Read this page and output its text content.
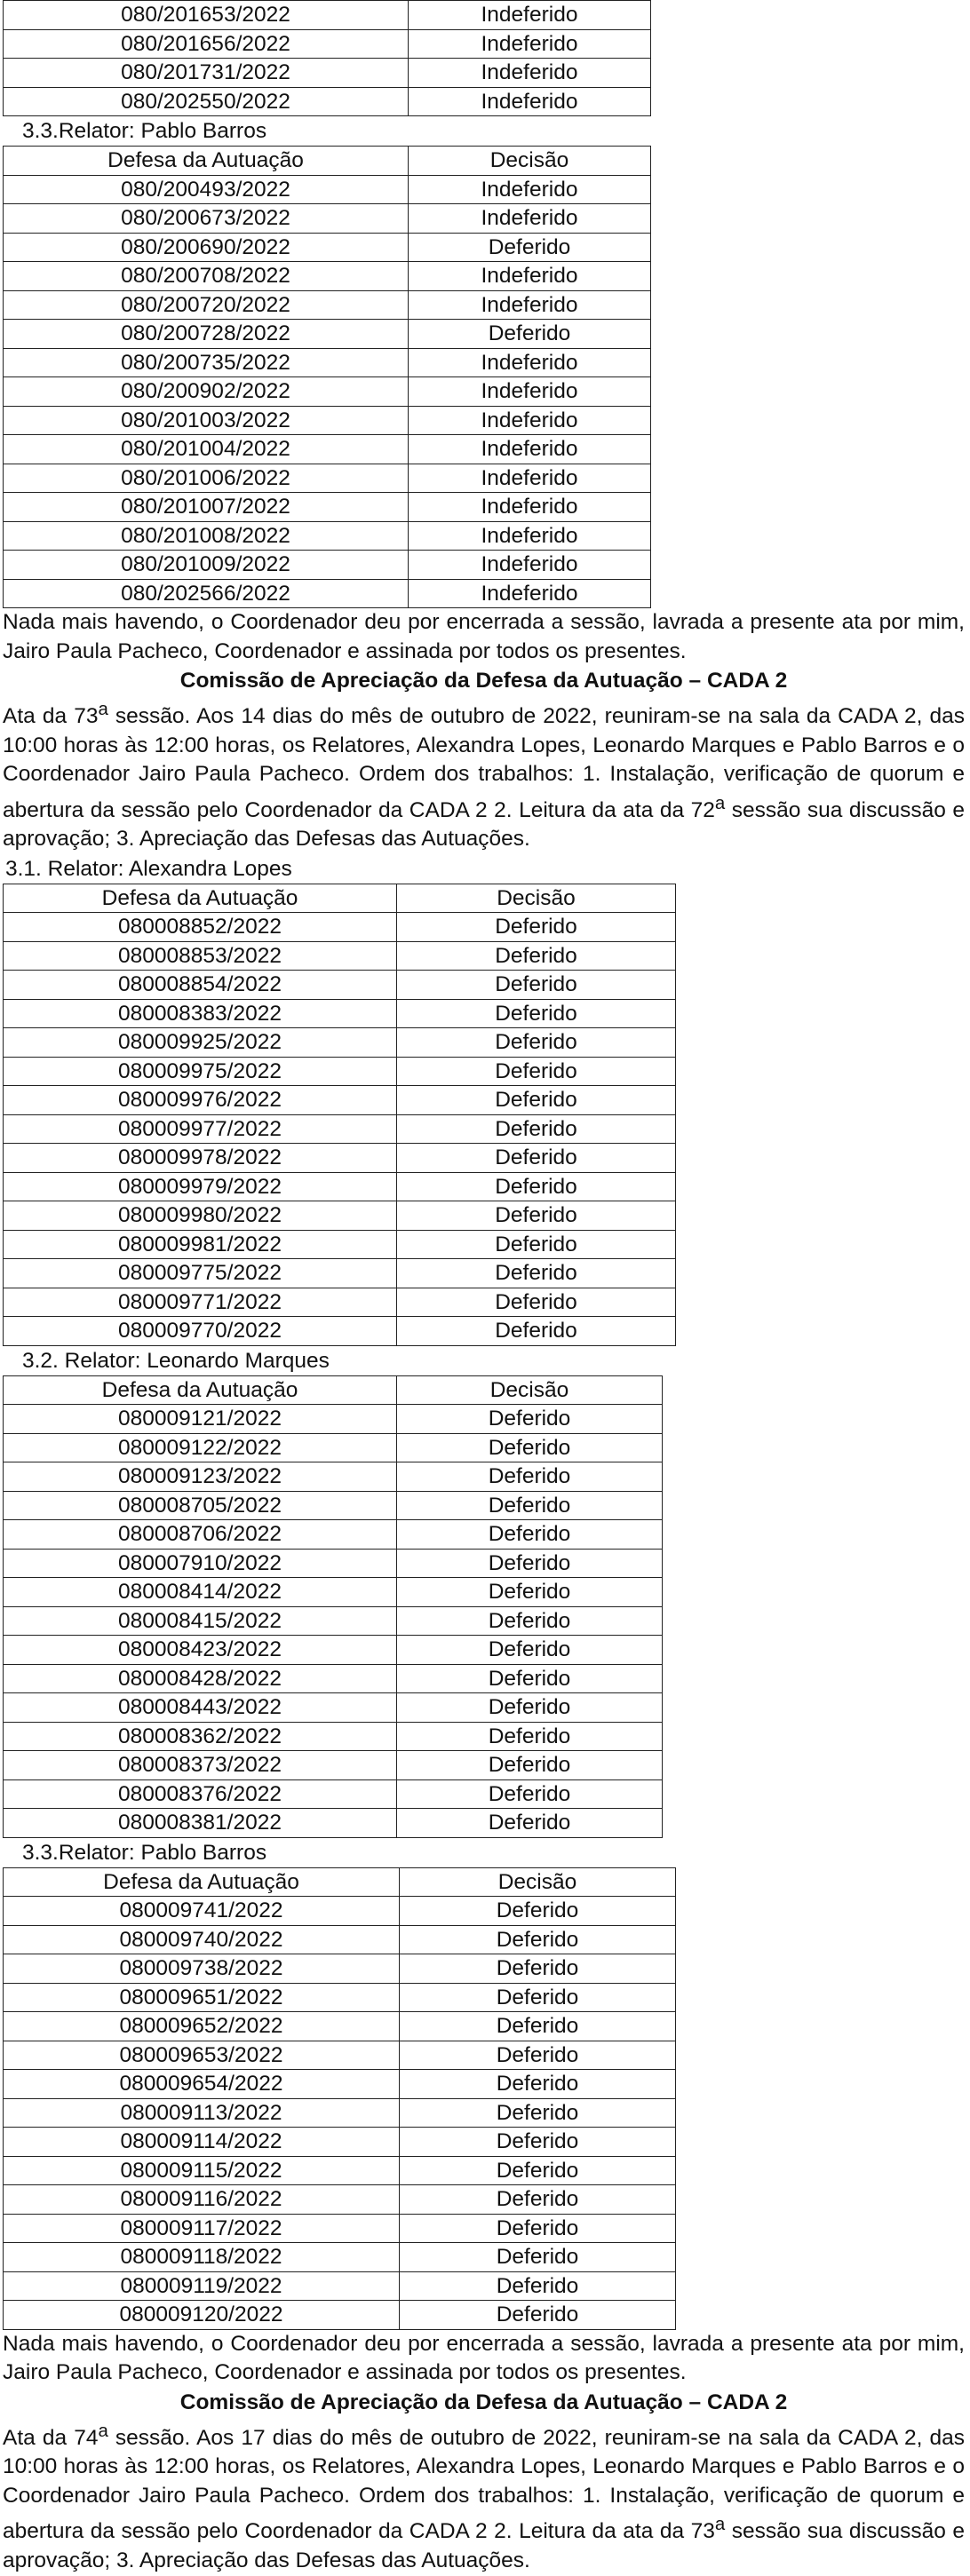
080/201653/2022	Indeferido
080/201656/2022	Indeferido
080/201731/2022	Indeferido
080/202550/2022	Indeferido

3.3.Relator: Pablo Barros

Defesa da Autuação	Decisão
080/200493/2022	Indeferido
080/200673/2022	Indeferido
080/200690/2022	Deferido
080/200708/2022	Indeferido
080/200720/2022	Indeferido
080/200728/2022	Deferido
080/200735/2022	Indeferido
080/200902/2022	Indeferido
080/201003/2022	Indeferido
080/201004/2022	Indeferido
080/201006/2022	Indeferido
080/201007/2022	Indeferido
080/201008/2022	Indeferido
080/201009/2022	Indeferido
080/202566/2022	Indeferido

Nada mais havendo, o Coordenador deu por encerrada a sessão, lavrada a presente ata por mim, Jairo Paula Pacheco, Coordenador e assinada por todos os presentes.

Comissão de Apreciação da Defesa da Autuação – CADA 2

Ata da 73$^a$ sessão. Aos 14 dias do mês de outubro de 2022, reuniram-se na sala da CADA 2, das 10:00 horas às 12:00 horas, os Relatores, Alexandra Lopes, Leonardo Marques e Pablo Barros e o Coordenador Jairo Paula Pacheco. Ordem dos trabalhos: 1. Instalação, verificação de quorum e abertura da sessão pelo Coordenador da CADA 2 2. Leitura da ata da 72$^a$ sessão sua discussão e aprovação; 3. Apreciação das Defesas das Autuações.

3.1. Relator: Alexandra Lopes

Defesa da Autuação	Decisão
080008852/2022	Deferido
080008853/2022	Deferido
080008854/2022	Deferido
080008383/2022	Deferido
080009925/2022	Deferido
080009975/2022	Deferido
080009976/2022	Deferido
080009977/2022	Deferido
080009978/2022	Deferido
080009979/2022	Deferido
080009980/2022	Deferido
080009981/2022	Deferido
080009775/2022	Deferido
080009771/2022	Deferido
080009770/2022	Deferido

3.2. Relator: Leonardo Marques

Defesa da Autuação	Decisão
080009121/2022	Deferido
080009122/2022	Deferido
080009123/2022	Deferido
080008705/2022	Deferido
080008706/2022	Deferido
080007910/2022	Deferido
080008414/2022	Deferido
080008415/2022	Deferido
080008423/2022	Deferido
080008428/2022	Deferido
080008443/2022	Deferido
080008362/2022	Deferido
080008373/2022	Deferido
080008376/2022	Deferido
080008381/2022	Deferido

3.3.Relator: Pablo Barros

Defesa da Autuação	Decisão
080009741/2022	Deferido
080009740/2022	Deferido
080009738/2022	Deferido
080009651/2022	Deferido
080009652/2022	Deferido
080009653/2022	Deferido
080009654/2022	Deferido
080009113/2022	Deferido
080009114/2022	Deferido
080009115/2022	Deferido
080009116/2022	Deferido
080009117/2022	Deferido
080009118/2022	Deferido
080009119/2022	Deferido
080009120/2022	Deferido

Nada mais havendo, o Coordenador deu por encerrada a sessão, lavrada a presente ata por mim, Jairo Paula Pacheco, Coordenador e assinada por todos os presentes.

Comissão de Apreciação da Defesa da Autuação – CADA 2

Ata da 74$^a$ sessão. Aos 17 dias do mês de outubro de 2022, reuniram-se na sala da CADA 2, das 10:00 horas às 12:00 horas, os Relatores, Alexandra Lopes, Leonardo Marques e Pablo Barros e o Coordenador Jairo Paula Pacheco. Ordem dos trabalhos: 1. Instalação, verificação de quorum e abertura da sessão pelo Coordenador da CADA 2 2. Leitura da ata da 73$^a$ sessão sua discussão e aprovação; 3. Apreciação das Defesas das Autuações.
